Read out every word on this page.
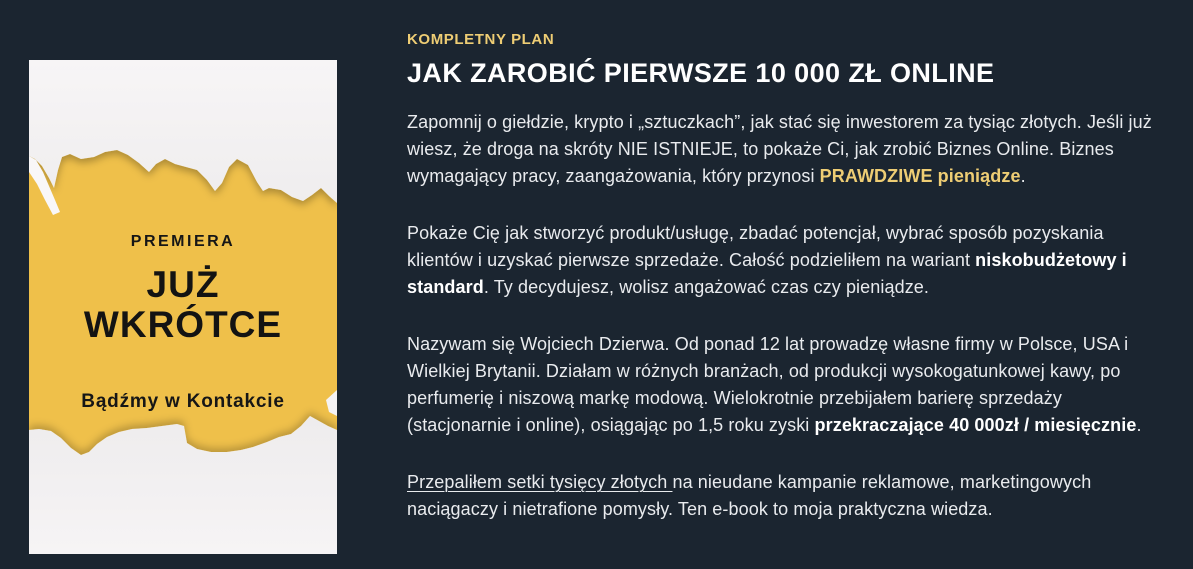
PREMIERA
JUŻ
WKRÓTCE
Bądźmy w Kontakcie
KOMPLETNY PLAN
JAK ZAROBIĆ PIERWSZE 10 000 ZŁ ONLINE

Zapomnij o giełdzie, krypto i „sztuczkach”, jak stać się inwestorem za tysiąc złotych. Jeśli już wiesz, że droga na skróty NIE ISTNIEJE, to pokaże Ci, jak zrobić Biznes Online. Biznes wymagający pracy, zaangażowania, który przynosi PRAWDZIWE pieniądze.

Pokaże Cię jak stworzyć produkt/usługę, zbadać potencjał, wybrać sposób pozyskania klientów i uzyskać pierwsze sprzedaże. Całość podzieliłem na wariant niskobudżetowy i standard. Ty decydujesz, wolisz angażować czas czy pieniądze.

Nazywam się Wojciech Dzierwa. Od ponad 12 lat prowadzę własne firmy w Polsce, USA i Wielkiej Brytanii. Działam w różnych branżach, od produkcji wysokogatunkowej kawy, po perfumerię i niszową markę modową. Wielokrotnie przebijałem barierę sprzedaży (stacjonarnie i online), osiągając po 1,5 roku zyski przekraczające 40 000zł / miesięcznie.

Przepaliłem setki tysięcy złotych na nieudane kampanie reklamowe, marketingowych naciągaczy i nietrafione pomysły. Ten e-book to moja praktyczna wiedza.
